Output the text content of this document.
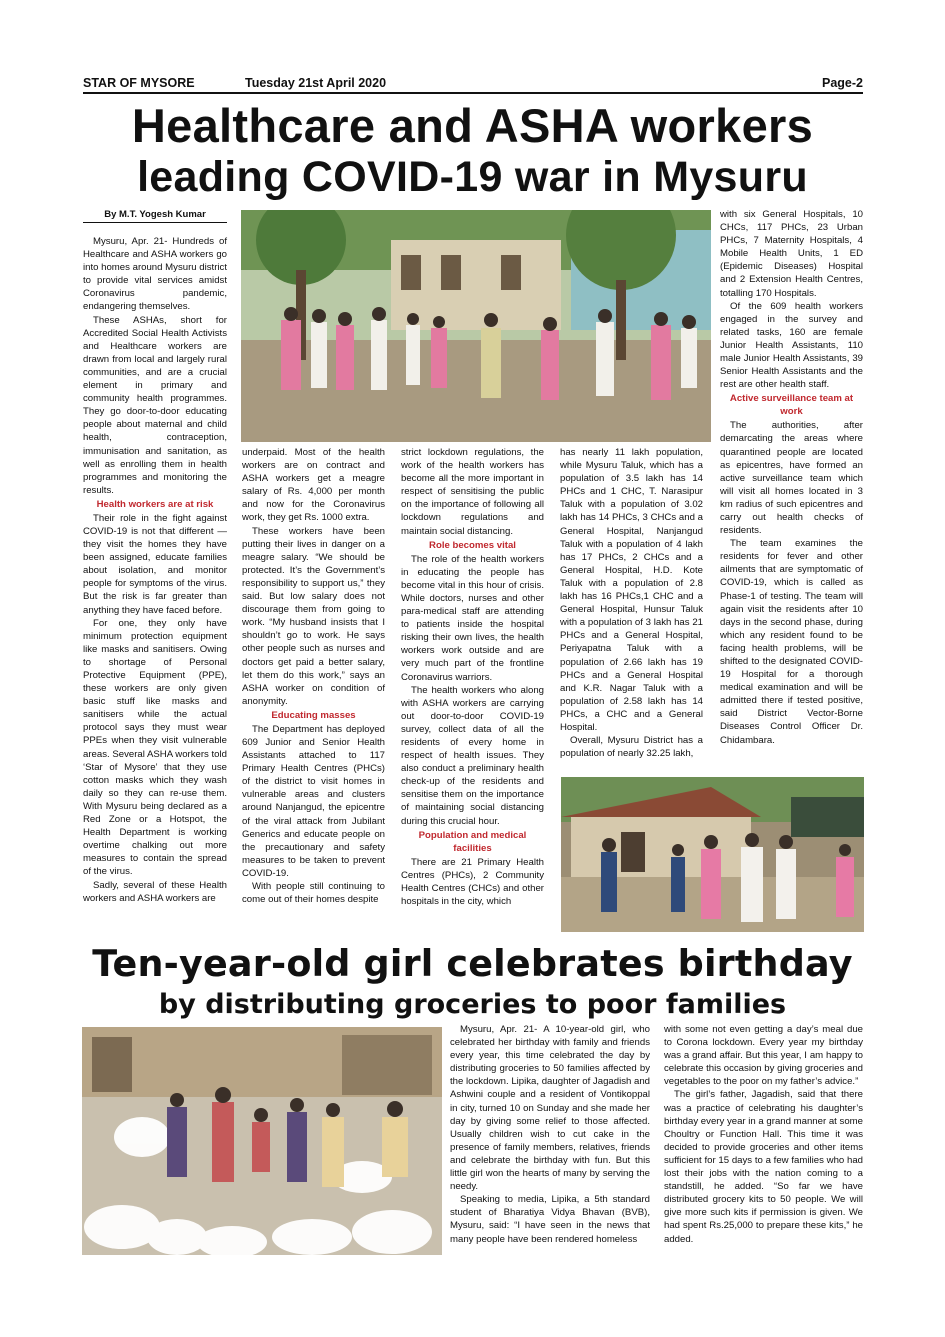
STAR OF MYSORE	Tuesday 21st April 2020	Page-2
Healthcare and ASHA workers
leading COVID-19 war in Mysuru
By M.T. Yogesh Kumar

Mysuru, Apr. 21- Hundreds of Healthcare and ASHA workers go into homes around Mysuru district to provide vital services amidst Coronavirus pandemic, endangering themselves.

These ASHAs, short for Accredited Social Health Activists and Healthcare workers are drawn from local and largely rural communities, and are a crucial element in primary and community health programmes. They go door-to-door educating people about maternal and child health, contraception, immunisation and sanitation, as well as enrolling them in health programmes and monitoring the results.

Health workers are at risk

Their role in the fight against COVID-19 is not that different — they visit the homes they have been assigned, educate families about isolation, and monitor people for symptoms of the virus. But the risk is far greater than anything they have faced before.

For one, they only have minimum protection equipment like masks and sanitisers. Owing to shortage of Personal Protective Equipment (PPE), these workers are only given basic stuff like masks and sanitisers while the actual protocol says they must wear PPEs when they visit vulnerable areas. Several ASHA workers told ‘Star of Mysore’ that they use cotton masks which they wash daily so they can re-use them. With Mysuru being declared as a Red Zone or a Hotspot, the Health Department is working overtime chalking out more measures to contain the spread of the virus.

Sadly, several of these Health workers and ASHA workers are

underpaid. Most of the health workers are on contract and ASHA workers get a meagre salary of Rs. 4,000 per month and now for the Coronavirus work, they get Rs. 1000 extra.

These workers have been putting their lives in danger on a meagre salary. “We should be protected. It’s the Government’s responsibility to support us,” they said. But low salary does not discourage them from going to work. “My husband insists that I shouldn’t go to work. He says other people such as nurses and doctors get paid a better salary, let them do this work,” says an ASHA worker on condition of anonymity.

Educating masses

The Department has deployed 609 Junior and Senior Health Assistants attached to 117 Primary Health Centres (PHCs) of the district to visit homes in vulnerable areas and clusters around Nanjangud, the epicentre of the viral attack from Jubilant Generics and educate people on the precautionary and safety measures to be taken to prevent COVID-19.

With people still continuing to come out of their homes despite

strict lockdown regulations, the work of the health workers has become all the more important in respect of sensitising the public on the importance of following all lockdown regulations and maintain social distancing.

Role becomes vital

The role of the health workers in educating the people has become vital in this hour of crisis. While doctors, nurses and other para-medical staff are attending to patients inside the hospital risking their own lives, the health workers work outside and are very much part of the frontline Coronavirus warriors.

The health workers who along with ASHA workers are carrying out door-to-door COVID-19 survey, collect data of all the residents of every home in respect of health issues. They also conduct a preliminary health check-up of the residents and sensitise them on the importance of maintaining social distancing during this crucial hour.

Population and medical facilities

There are 21 Primary Health Centres (PHCs), 2 Community Health Centres (CHCs) and other hospitals in the city, which

has nearly 11 lakh population, while Mysuru Taluk, which has a population of 3.5 lakh has 14 PHCs and 1 CHC, T. Narasipur Taluk with a population of 3.02 lakh has 14 PHCs, 3 CHCs and a General Hospital, Nanjangud Taluk with a population of 4 lakh has 17 PHCs, 2 CHCs and a General Hospital, H.D. Kote Taluk with a population of 2.8 lakh has 16 PHCs,1 CHC and a General Hospital, Hunsur Taluk with a population of 3 lakh has 21 PHCs and a General Hospital, Periyapatna Taluk with a population of 2.66 lakh has 19 PHCs and a General Hospital and K.R. Nagar Taluk with a population of 2.58 lakh has 14 PHCs, a CHC and a General Hospital.

Overall, Mysuru District has a population of nearly 32.25 lakh,

with six General Hospitals, 10 CHCs, 117 PHCs, 23 Urban PHCs, 7 Maternity Hospitals, 4 Mobile Health Units, 1 ED (Epidemic Diseases) Hospital and 2 Extension Health Centres, totalling 170 Hospitals.

Of the 609 health workers engaged in the survey and related tasks, 160 are female Junior Health Assistants, 110 male Junior Health Assistants, 39 Senior Health Assistants and the rest are other health staff.

Active surveillance team at work

The authorities, after demarcating the areas where quarantined people are located as epicentres, have formed an active surveillance team which will visit all homes located in 3 km radius of such epicentres and carry out health checks of residents.

The team examines the residents for fever and other ailments that are symptomatic of COVID-19, which is called as Phase-1 of testing. The team will again visit the residents after 10 days in the second phase, during which any resident found to be facing health problems, will be shifted to the designated COVID-19 Hospital for a thorough medical examination and will be admitted there if tested positive, said District Vector-Borne Diseases Control Officer Dr. Chidambara.

Ten-year-old girl celebrates birthday
by distributing groceries to poor families

Mysuru, Apr. 21- A 10-year-old girl, who celebrated her birthday with family and friends every year, this time celebrated the day by distributing groceries to 50 families affected by the lockdown. Lipika, daughter of Jagadish and Ashwini couple and a resident of Vontikoppal in city, turned 10 on Sunday and she made her day by giving some relief to those affected. Usually children wish to cut cake in the presence of family members, relatives, friends and celebrate the birthday with fun. But this little girl won the hearts of many by serving the needy.

Speaking to media, Lipika, a 5th standard student of Bharatiya Vidya Bhavan (BVB), Mysuru, said: “I have seen in the news that many people have been rendered homeless

with some not even getting a day’s meal due to Corona lockdown. Every year my birthday was a grand affair. But this year, I am happy to celebrate this occasion by giving groceries and vegetables to the poor on my father’s advice.”

The girl’s father, Jagadish, said that there was a practice of celebrating his daughter’s birthday every year in a grand manner at some Choultry or Function Hall. This time it was decided to provide groceries and other items sufficient for 15 days to a few families who had lost their jobs with the nation coming to a standstill, he added. “So far we have distributed grocery kits to 50 people. We will give more such kits if permission is given. We had spent Rs.25,000 to prepare these kits,” he added.
